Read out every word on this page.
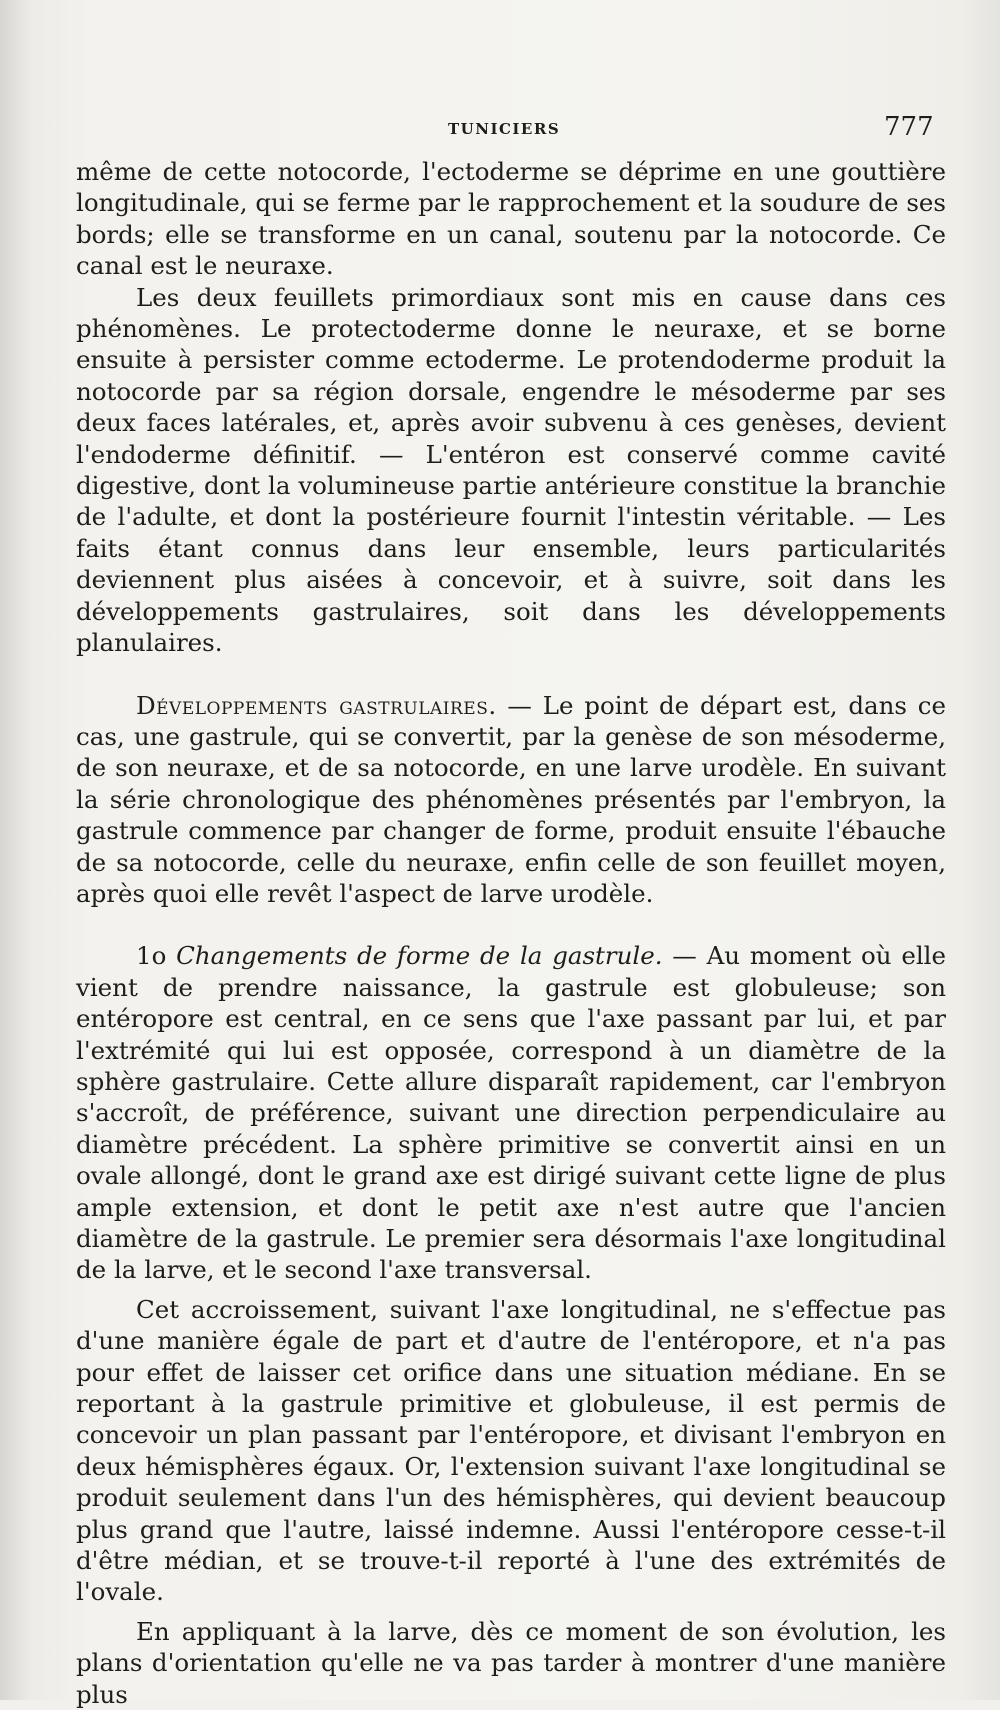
TUNICIERS	777

même de cette notocorde, l'ectoderme se déprime en une gouttière longitudinale, qui se ferme par le rapprochement et la soudure de ses bords; elle se transforme en un canal, soutenu par la notocorde. Ce canal est le neuraxe.

Les deux feuillets primordiaux sont mis en cause dans ces phénomènes. Le protectoderme donne le neuraxe, et se borne ensuite à persister comme ectoderme. Le protendoderme produit la notocorde par sa région dorsale, engendre le mésoderme par ses deux faces latérales, et, après avoir subvenu à ces genèses, devient l'endoderme définitif. — L'entéron est conservé comme cavité digestive, dont la volumineuse partie antérieure constitue la branchie de l'adulte, et dont la postérieure fournit l'intestin véritable. — Les faits étant connus dans leur ensemble, leurs particularités deviennent plus aisées à concevoir, et à suivre, soit dans les développements gastrulaires, soit dans les développements planulaires.

Développements gastrulaires. — Le point de départ est, dans ce cas, une gastrule, qui se convertit, par la genèse de son mésoderme, de son neuraxe, et de sa notocorde, en une larve urodèle. En suivant la série chronologique des phénomènes présentés par l'embryon, la gastrule commence par changer de forme, produit ensuite l'ébauche de sa notocorde, celle du neuraxe, enfin celle de son feuillet moyen, après quoi elle revêt l'aspect de larve urodèle.

1o Changements de forme de la gastrule. — Au moment où elle vient de prendre naissance, la gastrule est globuleuse; son entéropore est central, en ce sens que l'axe passant par lui, et par l'extrémité qui lui est opposée, correspond à un diamètre de la sphère gastrulaire. Cette allure disparaît rapidement, car l'embryon s'accroît, de préférence, suivant une direction perpendiculaire au diamètre précédent. La sphère primitive se convertit ainsi en un ovale allongé, dont le grand axe est dirigé suivant cette ligne de plus ample extension, et dont le petit axe n'est autre que l'ancien diamètre de la gastrule. Le premier sera désormais l'axe longitudinal de la larve, et le second l'axe transversal.

Cet accroissement, suivant l'axe longitudinal, ne s'effectue pas d'une manière égale de part et d'autre de l'entéropore, et n'a pas pour effet de laisser cet orifice dans une situation médiane. En se reportant à la gastrule primitive et globuleuse, il est permis de concevoir un plan passant par l'entéropore, et divisant l'embryon en deux hémisphères égaux. Or, l'extension suivant l'axe longitudinal se produit seulement dans l'un des hémisphères, qui devient beaucoup plus grand que l'autre, laissé indemne. Aussi l'entéropore cesse-t-il d'être médian, et se trouve-t-il reporté à l'une des extrémités de l'ovale.

En appliquant à la larve, dès ce moment de son évolution, les plans d'orientation qu'elle ne va pas tarder à montrer d'une manière plus
